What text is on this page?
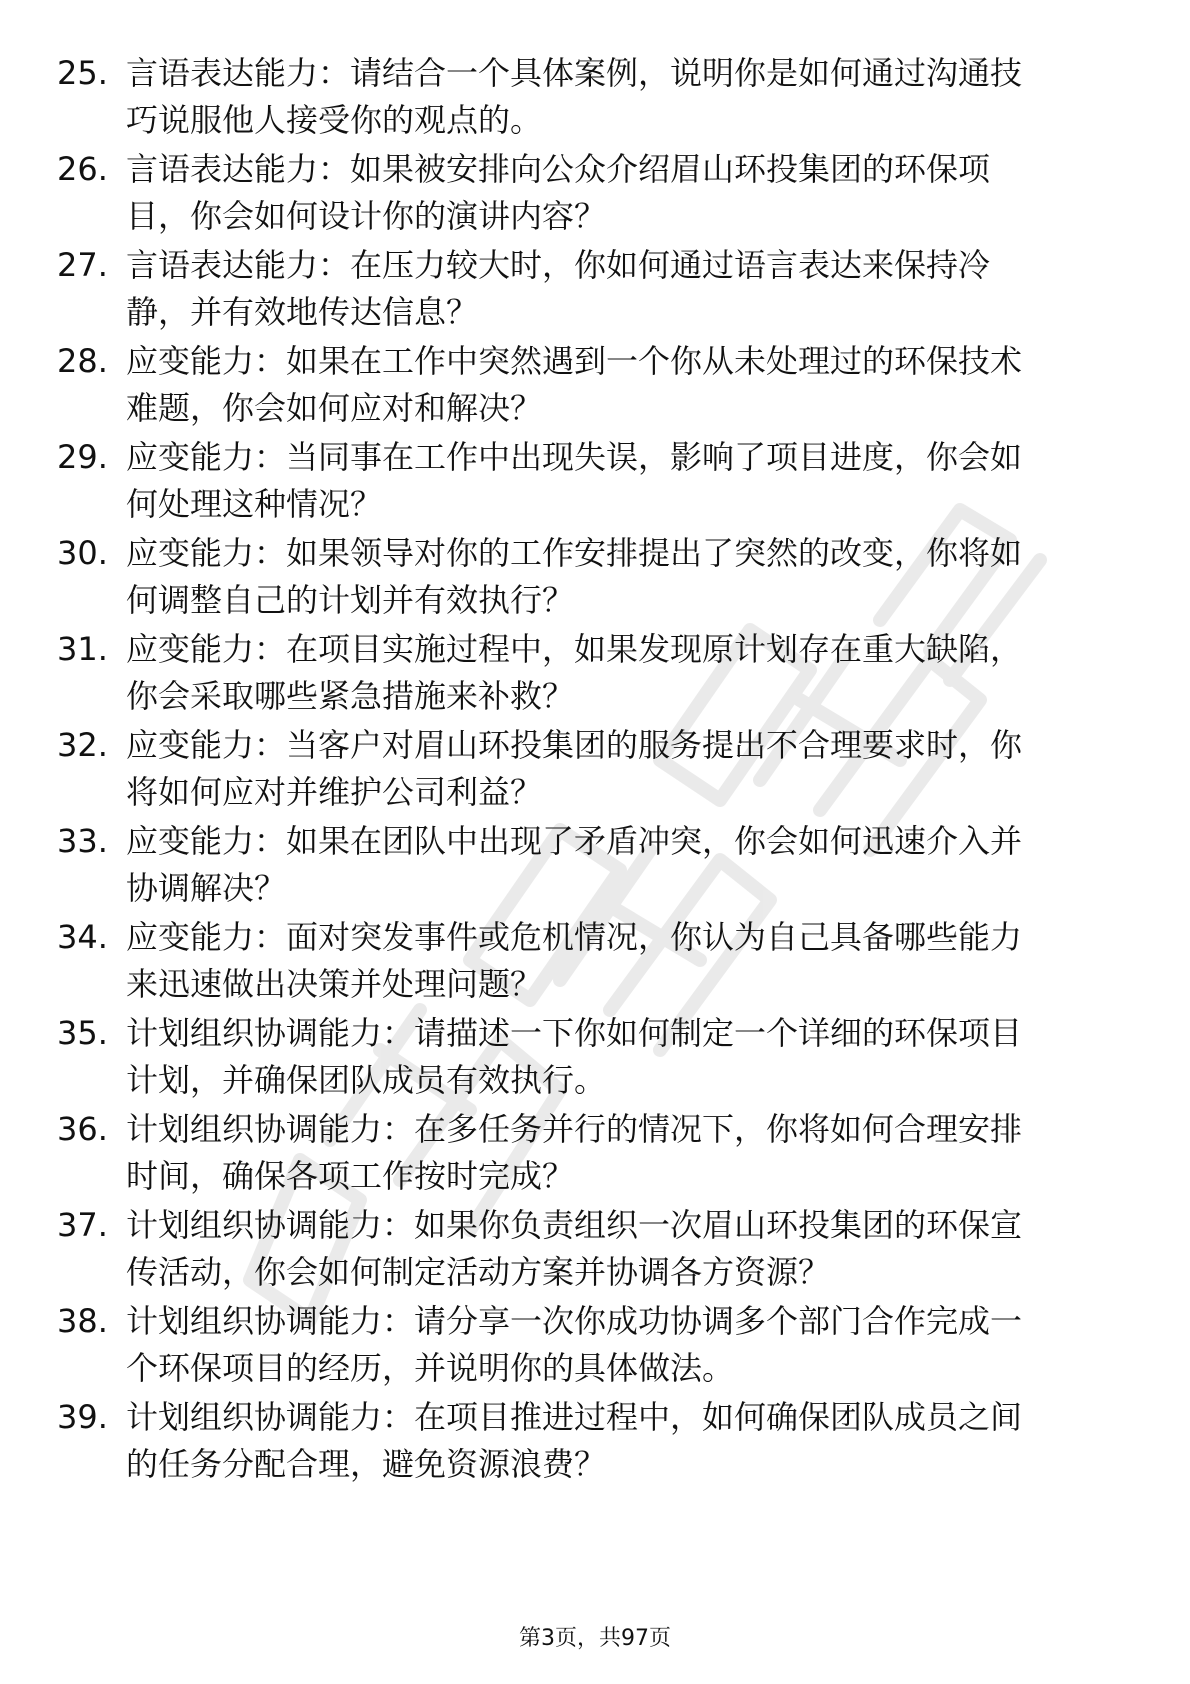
25. 言语表达能力：请结合一个具体案例，说明你是如何通过沟通技
巧说服他人接受你的观点的。

26. 言语表达能力：如果被安排向公众介绍眉山环投集团的环保项
目，你会如何设计你的演讲内容？

27. 言语表达能力：在压力较大时，你如何通过语言表达来保持冷
静，并有效地传达信息？

28. 应变能力：如果在工作中突然遇到一个你从未处理过的环保技术
难题，你会如何应对和解决？

29. 应变能力：当同事在工作中出现失误，影响了项目进度，你会如
何处理这种情况？

30. 应变能力：如果领导对你的工作安排提出了突然的改变，你将如
何调整自己的计划并有效执行？

31. 应变能力：在项目实施过程中，如果发现原计划存在重大缺陷，
你会采取哪些紧急措施来补救？

32. 应变能力：当客户对眉山环投集团的服务提出不合理要求时，你
将如何应对并维护公司利益？

33. 应变能力：如果在团队中出现了矛盾冲突，你会如何迅速介入并
协调解决？

34. 应变能力：面对突发事件或危机情况，你认为自己具备哪些能力
来迅速做出决策并处理问题？

35. 计划组织协调能力：请描述一下你如何制定一个详细的环保项目
计划，并确保团队成员有效执行。

36. 计划组织协调能力：在多任务并行的情况下，你将如何合理安排
时间，确保各项工作按时完成？

37. 计划组织协调能力：如果你负责组织一次眉山环投集团的环保宣
传活动，你会如何制定活动方案并协调各方资源？

38. 计划组织协调能力：请分享一次你成功协调多个部门合作完成一
个环保项目的经历，并说明你的具体做法。

39. 计划组织协调能力：在项目推进过程中，如何确保团队成员之间
的任务分配合理，避免资源浪费？

第3页，共97页
